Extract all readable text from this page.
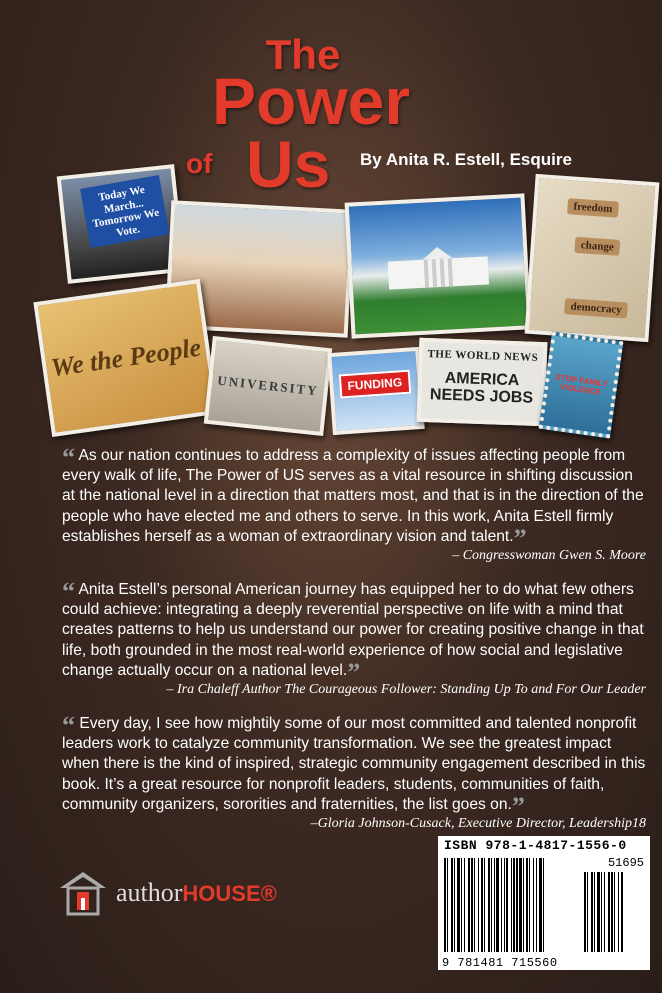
The
Power
of Us By Anita R. Estell, Esquire
Today We March... Tomorrow We Vote.
freedom
change
democracy
We the People
UNIVERSITY	FUNDING
THE WORLD NEWS
AMERICA NEEDS JOBS
STOP FAMILY VIOLENCE

“ As our nation continues to address a complexity of issues affecting people from every walk of life, The Power of US serves as a vital resource in shifting discussion at the national level in a direction that matters most, and that is in the direction of the people who have elected me and others to serve. In this work, Anita Estell firmly establishes herself as a woman of extraordinary vision and talent.”

– Congresswoman Gwen S. Moore

“ Anita Estell’s personal American journey has equipped her to do what few others could achieve: integrating a deeply reverential perspective on life with a mind that creates patterns to help us understand our power for creating positive change in that life, both grounded in the most real-world experience of how social and legislative change actually occur on a national level.”

– Ira Chaleff Author The Courageous Follower: Standing Up To and For Our Leader

“ Every day, I see how mightily some of our most committed and talented nonprofit leaders work to catalyze community transformation. We see the greatest impact when there is the kind of inspired, strategic community engagement described in this book. It’s a great resource for nonprofit leaders, students, communities of faith, community organizers, sororities and fraternities, the list goes on.”

–Gloria Johnson-Cusack, Executive Director, Leadership18
authorHOUSE®
ISBN 978-1-4817-1556-0
51695
9 781481 715560
